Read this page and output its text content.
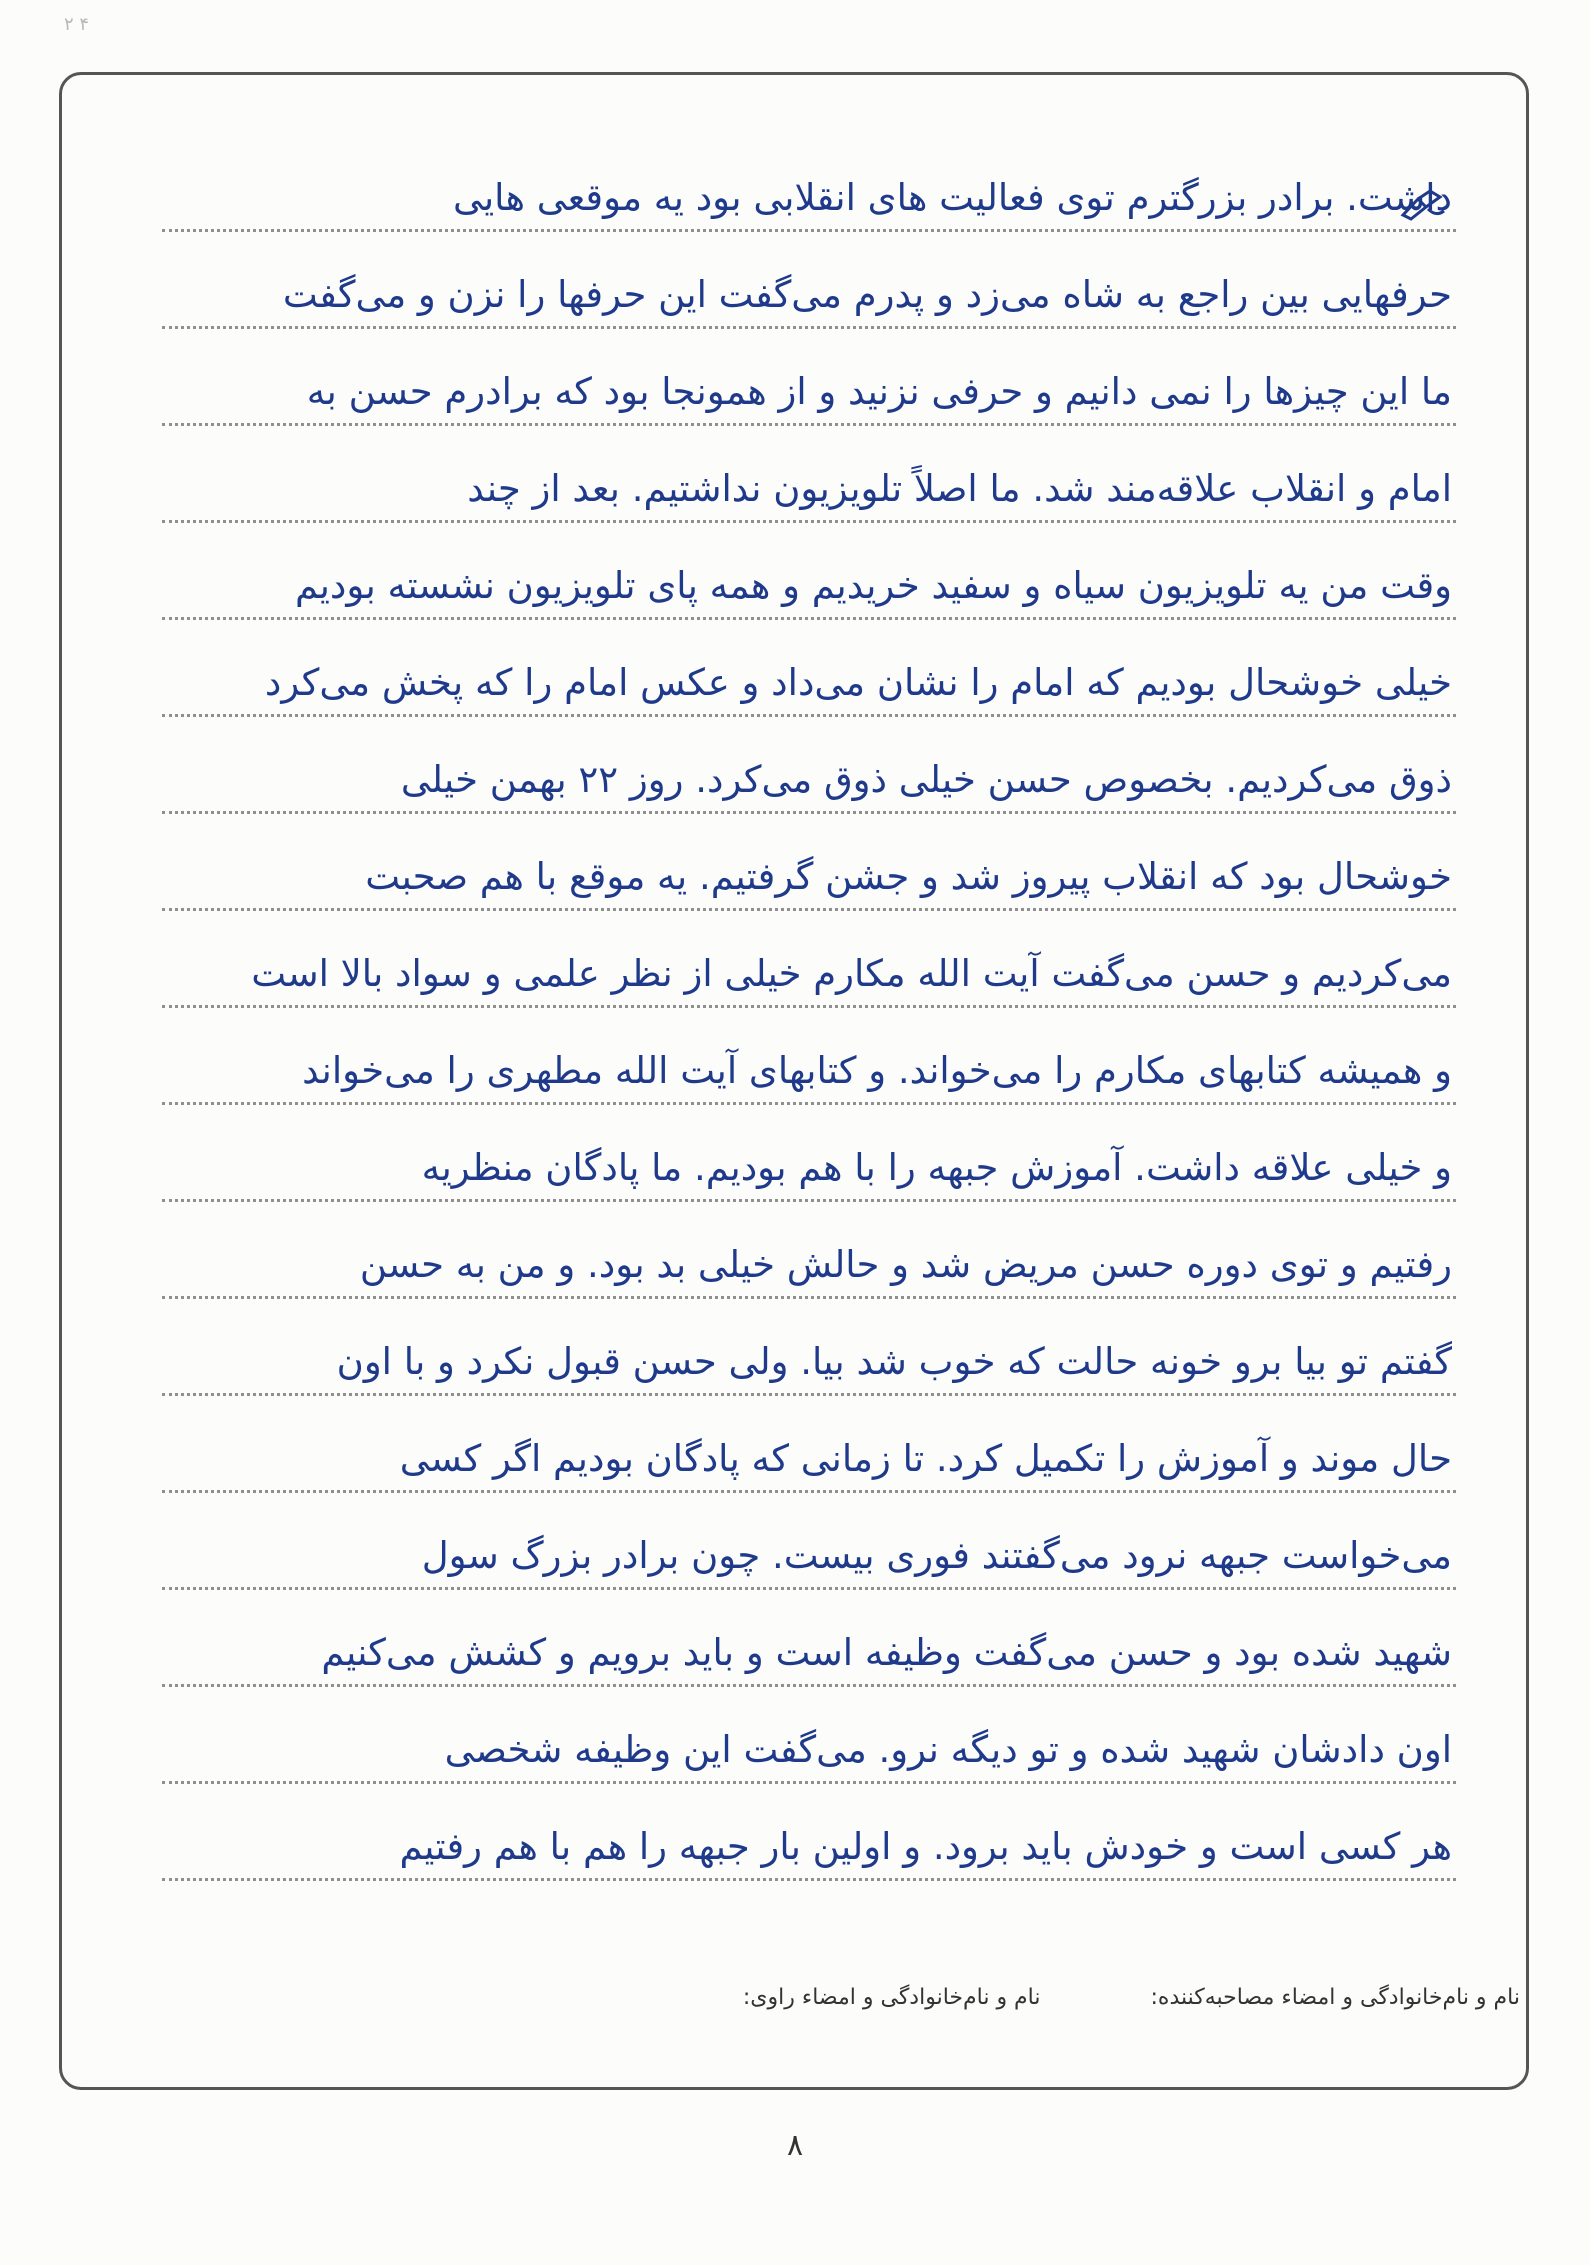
۲ ۴
داشت. برادر بزرگترم توی فعالیت های انقلابی بود یه موقعی هایی
حرفهایی بین راجع به شاه می‌زد و پدرم می‌گفت این حرفها را نزن و می‌گفت
ما این چیزها را نمی دانیم و حرفی نزنید و از همونجا بود که برادرم حسن به
امام و انقلاب علاقه‌مند شد. ما اصلاً تلویزیون نداشتیم. بعد از چند
وقت من یه تلویزیون سیاه و سفید خریدیم و همه پای تلویزیون نشسته بودیم
خیلی خوشحال بودیم که امام را نشان می‌داد و عکس امام را که پخش می‌کرد
ذوق می‌کردیم. بخصوص حسن خیلی ذوق می‌کرد. روز ۲۲ بهمن خیلی
خوشحال بود که انقلاب پیروز شد و جشن گرفتیم. یه موقع با هم صحبت
می‌کردیم و حسن می‌گفت آیت الله مکارم خیلی از نظر علمی و سواد بالا است
و همیشه کتابهای مکارم را می‌خواند. و کتابهای آیت الله مطهری را می‌خواند
و خیلی علاقه داشت. آموزش جبهه را با هم بودیم. ما پادگان منظریه
رفتیم و توی دوره حسن مریض شد و حالش خیلی بد بود. و من به حسن
گفتم تو بیا برو خونه حالت که خوب شد بیا. ولی حسن قبول نکرد و با اون
حال موند و آموزش را تکمیل کرد. تا زمانی که پادگان بودیم اگر کسی
می‌خواست جبهه نرود می‌گفتند فوری بیست. چون برادر بزرگ سول
شهید شده بود و حسن می‌گفت وظیفه است و باید برویم و کشش می‌کنیم
اون دادشان شهید شده و تو دیگه نرو. می‌گفت این وظیفه شخصی
هر کسی است و خودش باید برود. و اولین بار جبهه را هم با هم رفتیم
نام و نام‌خانوادگی و امضاء مصاحبه‌کننده:
نام و نام‌خانوادگی و امضاء راوی:
۸
